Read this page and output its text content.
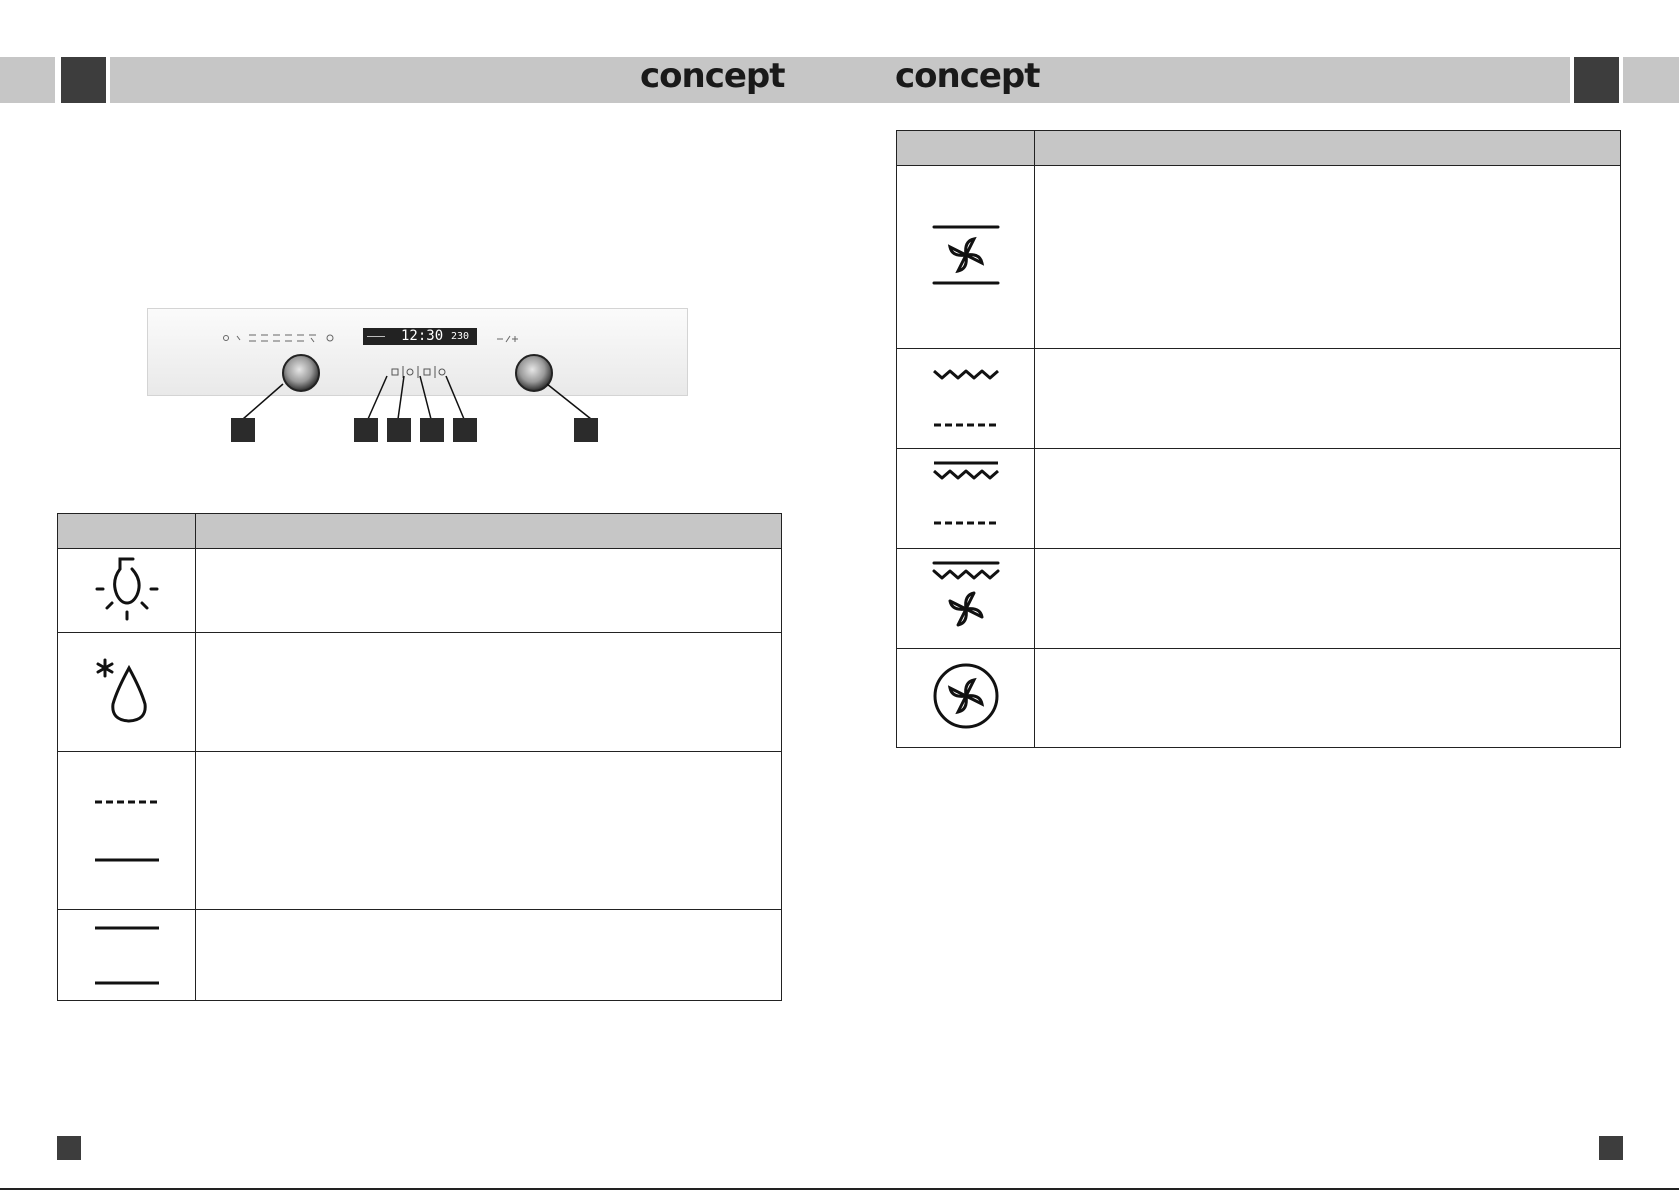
concept	concept
12:30 230
